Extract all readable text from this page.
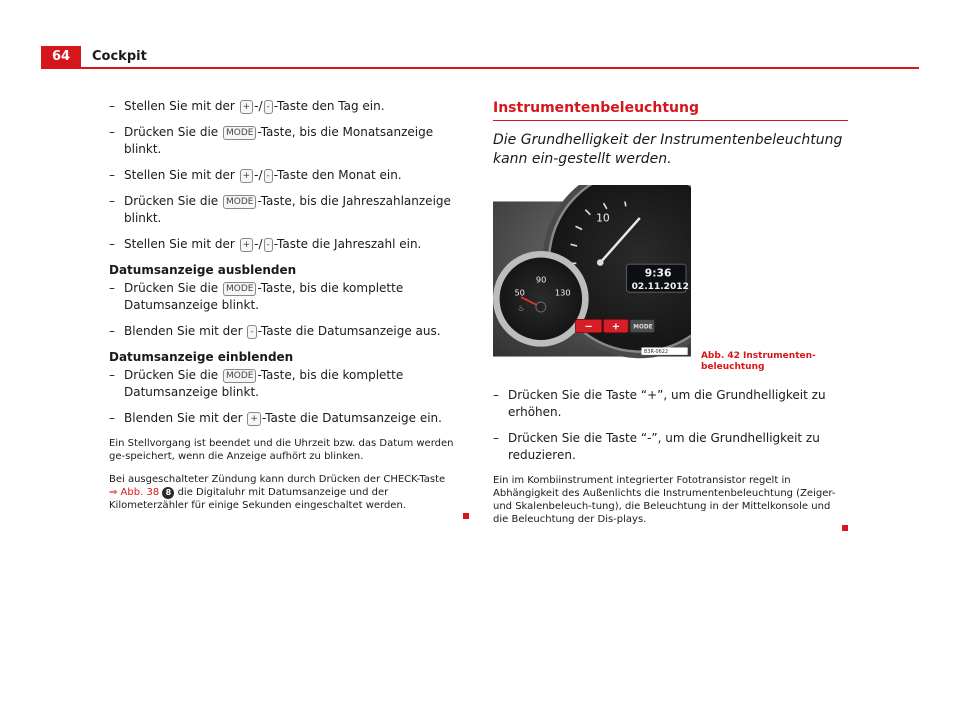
64	Cockpit
– Stellen Sie mit der + -/ - -Taste den Tag ein.
– Drücken Sie die MODE -Taste, bis die Monatsanzeige blinkt.
– Stellen Sie mit der + -/ - -Taste den Monat ein.
– Drücken Sie die MODE -Taste, bis die Jahreszahlanzeige blinkt.
– Stellen Sie mit der + -/ - -Taste die Jahreszahl ein.
Datumsanzeige ausblenden
– Drücken Sie die MODE -Taste, bis die komplette Datumsanzeige blinkt.
– Blenden Sie mit der - -Taste die Datumsanzeige aus.
Datumsanzeige einblenden
– Drücken Sie die MODE -Taste, bis die komplette Datumsanzeige blinkt.
– Blenden Sie mit der + -Taste die Datumsanzeige ein.

Ein Stellvorgang ist beendet und die Uhrzeit bzw. das Datum werden ge-speichert, wenn die Anzeige aufhört zu blinken.

Bei ausgeschalteter Zündung kann durch Drücken der CHECK-Taste
⇒ Abb. 38 8 die Digitaluhr mit Datumsanzeige und der Kilometerzähler für einige Sekunden eingeschaltet werden.

Instrumentenbeleuchtung
Die Grundhelligkeit der Instrumentenbeleuchtung kann ein-gestellt werden.
10
9:36
02.11.2012
50
90
130
♨
− + MODE
B3R-0622	Abb. 42 Instrumenten-beleuchtung
– Drücken Sie die Taste “+”, um die Grundhelligkeit zu erhöhen.
– Drücken Sie die Taste “-”, um die Grundhelligkeit zu reduzieren.

Ein im Kombiinstrument integrierter Fototransistor regelt in Abhängigkeit des Außenlichts die Instrumentenbeleuchtung (Zeiger- und Skalenbeleuch-tung), die Beleuchtung in der Mittelkonsole und die Beleuchtung der Dis-plays.
